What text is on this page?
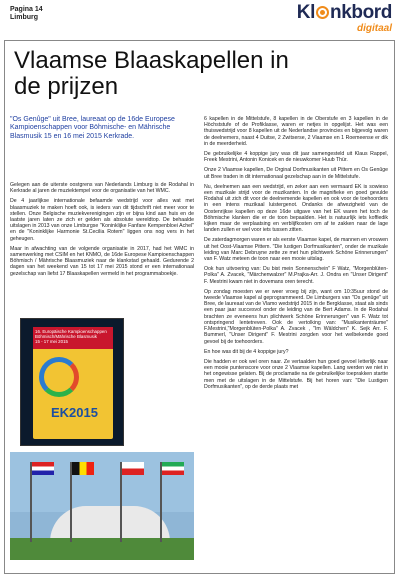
Pagina 14
Limburg	Kl nkbord
digitaal
Vlaamse Blaaskapellen in de prijzen

"Os Genûge" uit Bree, laureaat op de 16de Europese Kampioenschappen voor Böhmische- en Mährische Blasmusik 15 en 16 mei 2015 Kerkrade.

Gelegen aan de uiterste oostgrens van Nederlands Limburg is de Rodahal in Kerkrade al jaren de muziektempel voor de organisatie van het WMC.

De 4 jaarlijkse internationale befaamde wedstrijd voor alles wat met blaasmuziek te maken hoeft ook, is ieders van dit tijdschrift niet meer voor te stellen. Onze Belgische muziekverenigingen zijn er bijna kind aan huis en de laatste jaren laten ze zich er gelden als absolute wereldtop. De behaalde uitslagen in 2013 van onze Limburgse "Koninklijke Fanfare Kempenbloei Achel" en de "Koninklijke Harmonie St.Cecilia Rotem" liggen ons nog vers in het geheugen.

Maar in afwachting van de volgende organisatie in 2017, had het WMC in samenwerking met CSIM en het KNMO, de 16de Europese Kampioenschappen Böhmisch / Mährische Blaasmuziek naar de klankstad gehaald. Gedurende 2 dagen van het weekend van 15 tot 17 mei 2015 stond er een internationaal gezelschap van liefst 17 Blaaskapellen vermeld in het programmaboekje.

16. Europäische Kampioenschappen Böhmisch/Mährische Blasmusik
15 - 17 mei 2015
EK2015

6 kapellen in de Mittelstufe, 8 kapellen in de Oberstufe en 3 kapellen in de Höchststufe of de Profiklasse, waren er netjes in opgelijst. Het was een thuiswedstrijd voor 8 kapellen uit de Nederlandse provincies en bijgevolg waren de deelnemers, naast 4 Duitse, 2 Zwitserse, 2 Vlaamse en 1 Roemeense er dik in de meerderheid.

De gebruikelijke 4 koppige jury was dit jaar samengesteld uit Klaus Rappel, Freek Mestrini, Antonin Konicek en de nieuwkomer Huub Thür.

Onze 2 Vlaamse kapellen, De Orginal Dorfmusikanten uit Pittem en Os Genûge uit Bree traden in dit internationaal gezelschap aan in de Mittelstufe.

Nu, deelnemen aan een wedstrijd, en zeker aan een vermaard EK is sowieso een muzikale strijd voor de muzikanten. In de magnifieke en goed gevulde Rodahal uit zich dit voor de deelnemende kapellen en ook voor de toehoorders in een intens muzikaal luistergenot. Ondanks de afwezigheid van de Oostenrijkse kapellen op deze 16de uitgave van het EK waren het toch de Böhmische klanken die er de toon bepaalden. Het is natuurlijk iets koffiedik kijken maar de verplaatsing en verblijfkosten om af te zakken naar de lage landen zullen er wel voor iets tussen zitten.

De zaterdagmorgen waren er als eerste Vlaamse kapel, de mannen en vrouwen uit het Oost-Vlaamse Pittem. "Die lustigen Dorfmusikanten", onder de muzikale leiding van Marc Debruyne zette ze met hun plichtwerk Schöne Erinnerungen" van F. Watz meteen de toon naar een mooie uitslag.

Ook hun uitvoering van: Du bist mein Sonnenschein" F Watz, "Morgenblüten-Polka" A. Zvacek, "Märchenwalzer" M.Prajka-Arr. J. Ondra en "Unser Dirigent" F. Mestrini kwam niet in dovemans oren terecht.

Op zondag moesten we er weer vroeg bij zijn, want om 10:35uur stond de tweede Vlaamse kapel al geprogrammeerd. De Limburgers van "Os genûge" uit Bree, de laureaat van de Vlamo wedstrijd 2015 in de Bergklasse, staat als sinds een paar jaar succesvol onder de leiding van de Bert Adams. In de Rodahal brachten ze eveneens hun plichtwerk Schöne Erinnerungen" van F. Watz tot ontspringend lentetreven. Ook de vertolking van: "Musikantenträume" F.Mestrini,"Morgenblüten-Polka" A. Zvacek , "Im Wäldchen" K. Sejk Arr. F. Bummerl, "Unser Dirigent" F. Mestrini zorgden voor het welbekende goed gevoel bij de toehoorders.

En hoe was dit bij de 4 koppige jury?

Die hadden er ook wel oren naar. Ze vertaalden hun goed gevoel letterlijk naar een mooie puntenscore voor onze 2 Vlaamse kapellen. Lang werden we niet in het ongewisse gelaten. Bij de proclamatie na de gebruikelijke toeprakken startte men met de uitslagen in de Mittelstufe. Bij het horen van: "Die Lustigen Dorfmusikanten", op de derde plaats met
